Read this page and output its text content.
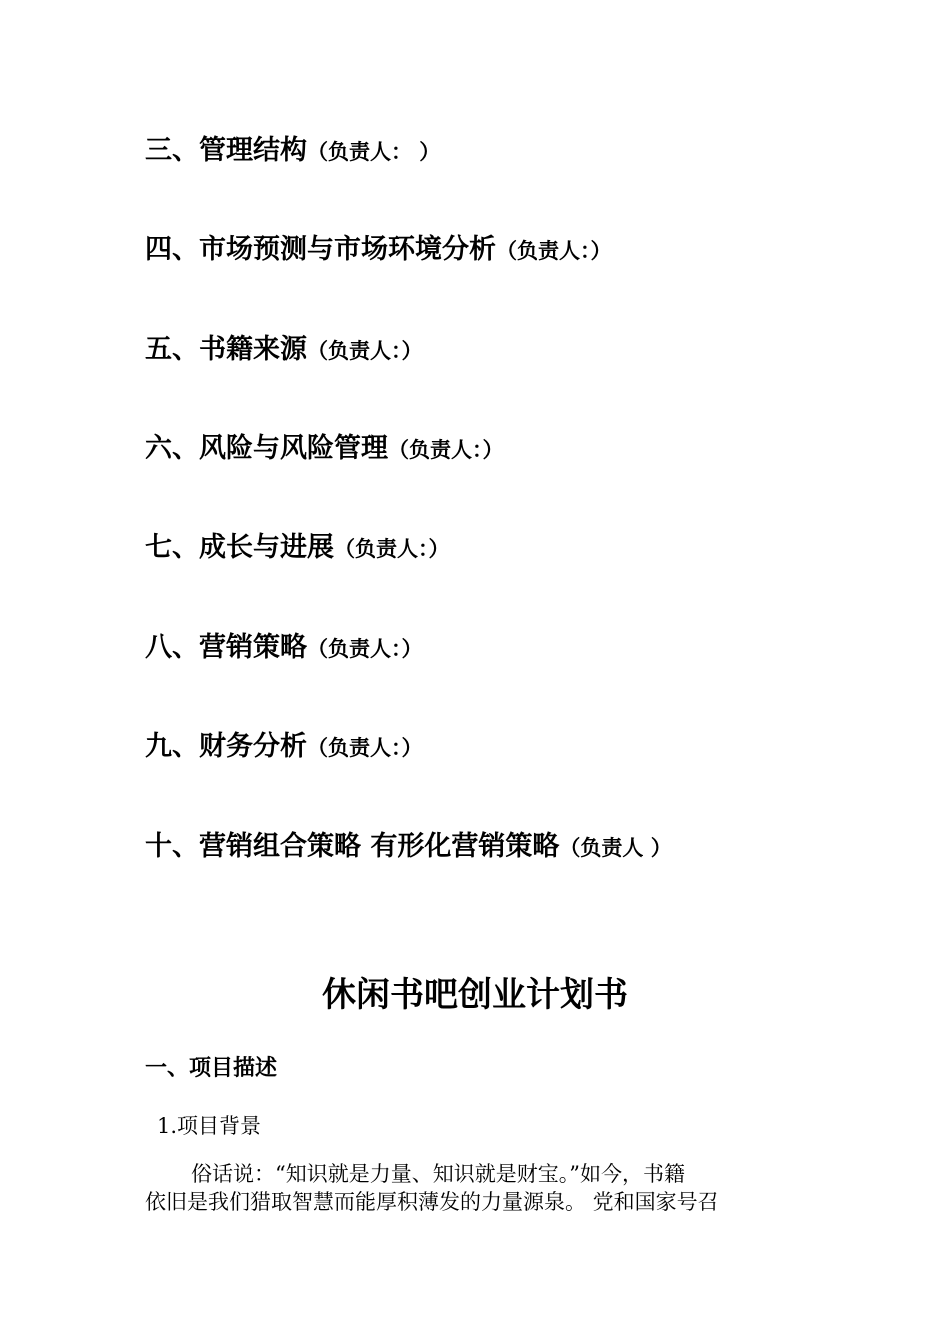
三、管理结构（负责人： ）
四、市场预测与市场环境分析（负责人：）
五、书籍来源（负责人：）
六、风险与风险管理（负责人：）
七、成长与进展（负责人：）
八、营销策略（负责人：）
九、财务分析（负责人：）
十、营销组合策略 有形化营销策略（负责人 ）
休闲书吧创业计划书
一、项目描述
1.项目背景
俗话说：“知识就是力量、知识就是财宝。”如今，书籍
依旧是我们猎取智慧而能厚积薄发的力量源泉。 党和国家号召
